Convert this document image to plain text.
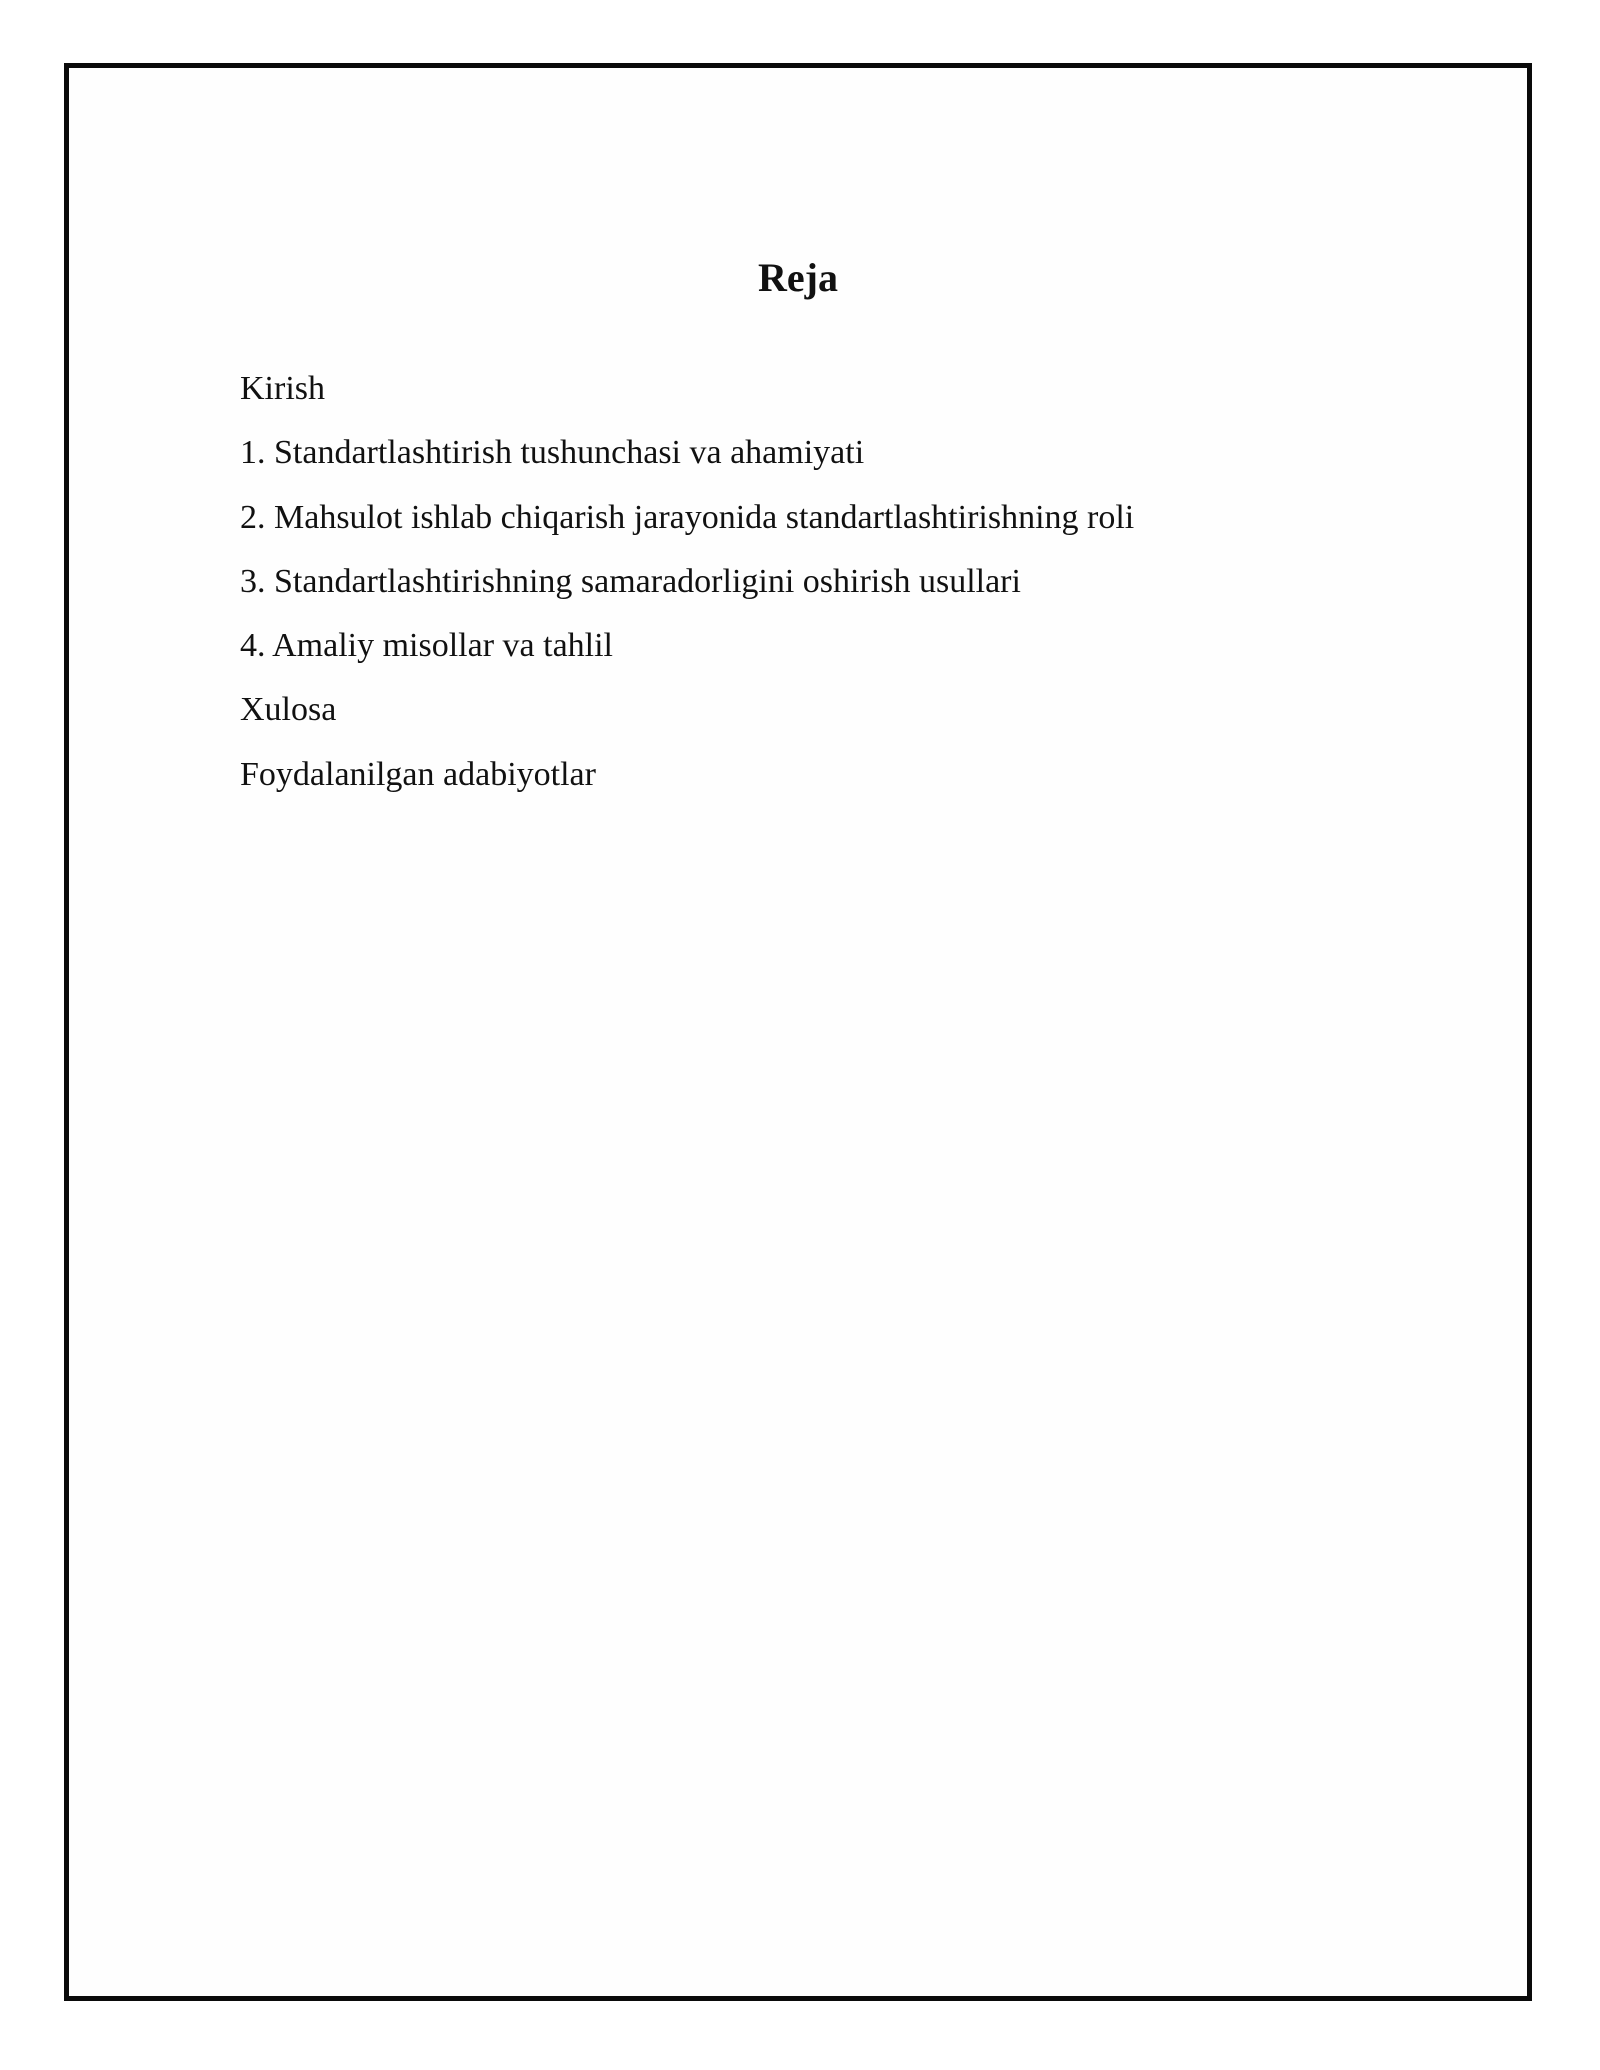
Reja
Kirish
1. Standartlashtirish tushunchasi va ahamiyati
2. Mahsulot ishlab chiqarish jarayonida standartlashtirishning roli
3. Standartlashtirishning samaradorligini oshirish usullari
4. Amaliy misollar va tahlil
Xulosa
Foydalanilgan adabiyotlar
